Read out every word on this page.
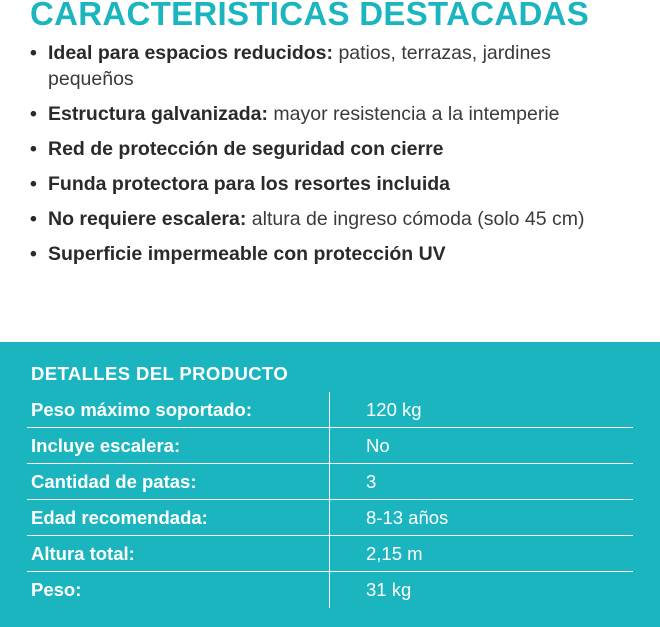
CARACTERISTICAS DESTACADAS
• Ideal para espacios reducidos: patios, terrazas, jardines pequeños
• Estructura galvanizada: mayor resistencia a la intemperie
• Red de protección de seguridad con cierre
• Funda protectora para los resortes incluida
• No requiere escalera: altura de ingreso cómoda (solo 45 cm)
• Superficie impermeable con protección UV
DETALLES DEL PRODUCTO
Peso máximo soportado:	120 kg
Incluye escalera:	No
Cantidad de patas:	3
Edad recomendada:	8-13 años
Altura total:	2,15 m
Peso:	31 kg
